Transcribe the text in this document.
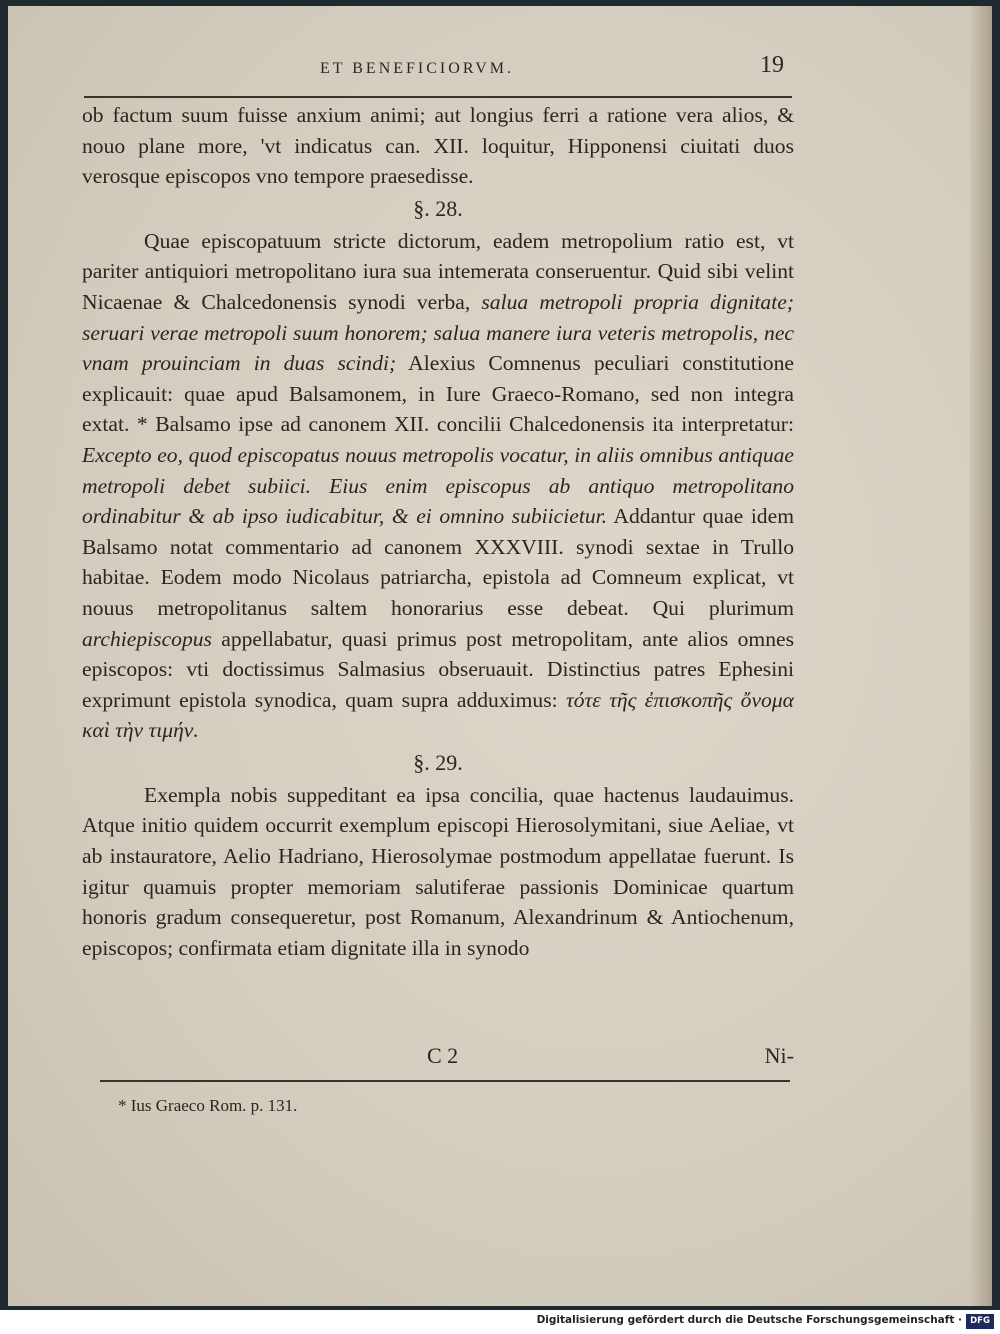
ET BENEFICIORVM.	19

ob factum suum fuisse anxium animi; aut longius ferri a ratione vera alios, & nouo plane more, 'vt indicatus can. XII. loquitur, Hipponensi ciuitati duos verosque episcopos vno tempore praesedisse.

§. 28.

Quae episcopatuum stricte dictorum, eadem metropolium ratio est, vt pariter antiquiori metropolitano iura sua intemerata conseruentur. Quid sibi velint Nicaenae & Chalcedonensis synodi verba, salua metropoli propria dignitate; seruari verae metropoli suum honorem; salua manere iura veteris metropolis, nec vnam prouinciam in duas scindi; Alexius Comnenus peculiari constitutione explicauit: quae apud Balsamonem, in Iure Graeco-Romano, sed non integra extat. * Balsamo ipse ad canonem XII. concilii Chalcedonensis ita interpretatur: Excepto eo, quod episcopatus nouus metropolis vocatur, in aliis omnibus antiquae metropoli debet subiici. Eius enim episcopus ab antiquo metropolitano ordinabitur & ab ipso iudicabitur, & ei omnino subiicietur. Addantur quae idem Balsamo notat commentario ad canonem XXXVIII. synodi sextae in Trullo habitae. Eodem modo Nicolaus patriarcha, epistola ad Comneum explicat, vt nouus metropolitanus saltem honorarius esse debeat. Qui plurimum archiepiscopus appellabatur, quasi primus post metropolitam, ante alios omnes episcopos: vti doctissimus Salmasius obseruauit. Distinctius patres Ephesini exprimunt epistola synodica, quam supra adduximus: τότε τῆς ἐπισκοπῆς ὄνομα καὶ τὴν τιμήν.

§. 29.

Exempla nobis suppeditant ea ipsa concilia, quae hactenus laudauimus. Atque initio quidem occurrit exemplum episcopi Hierosolymitani, siue Aeliae, vt ab instauratore, Aelio Hadriano, Hierosolymae postmodum appellatae fuerunt. Is igitur quamuis propter memoriam salutiferae passionis Dominicae quartum honoris gradum consequeretur, post Romanum, Alexandrinum & Antiochenum, episcopos; confirmata etiam dignitate illa in synodo

C 2	Ni-
* Ius Graeco Rom. p. 131.
Digitalisierung gefördert durch die Deutsche Forschungsgemeinschaft · DFG
